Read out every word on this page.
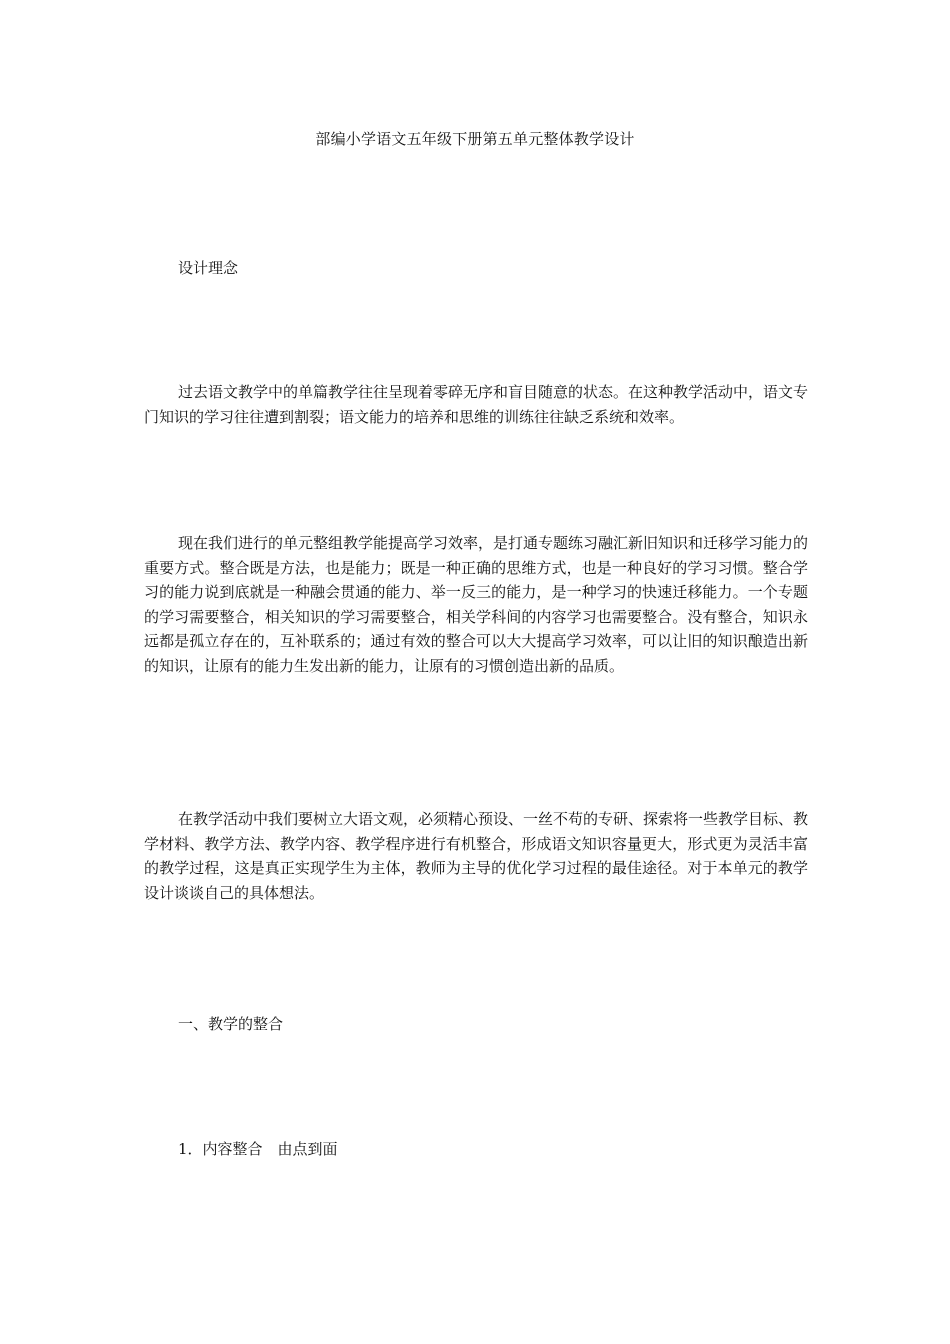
部编小学语文五年级下册第五单元整体教学设计
设计理念

过去语文教学中的单篇教学往往呈现着零碎无序和盲目随意的状态。在这种教学活动中，语文专门知识的学习往往遭到割裂；语文能力的培养和思维的训练往往缺乏系统和效率。

现在我们进行的单元整组教学能提高学习效率，是打通专题练习融汇新旧知识和迁移学习能力的重要方式。整合既是方法，也是能力；既是一种正确的思维方式，也是一种良好的学习习惯。整合学习的能力说到底就是一种融会贯通的能力、举一反三的能力，是一种学习的快速迁移能力。一个专题的学习需要整合，相关知识的学习需要整合，相关学科间的内容学习也需要整合。没有整合，知识永远都是孤立存在的，互补联系的；通过有效的整合可以大大提高学习效率，可以让旧的知识酿造出新的知识，让原有的能力生发出新的能力，让原有的习惯创造出新的品质。

在教学活动中我们要树立大语文观，必须精心预设、一丝不苟的专研、探索将一些教学目标、教学材料、教学方法、教学内容、教学程序进行有机整合，形成语文知识容量更大，形式更为灵活丰富的教学过程，这是真正实现学生为主体，教师为主导的优化学习过程的最佳途径。对于本单元的教学设计谈谈自己的具体想法。

一、教学的整合
1．内容整合　由点到面
